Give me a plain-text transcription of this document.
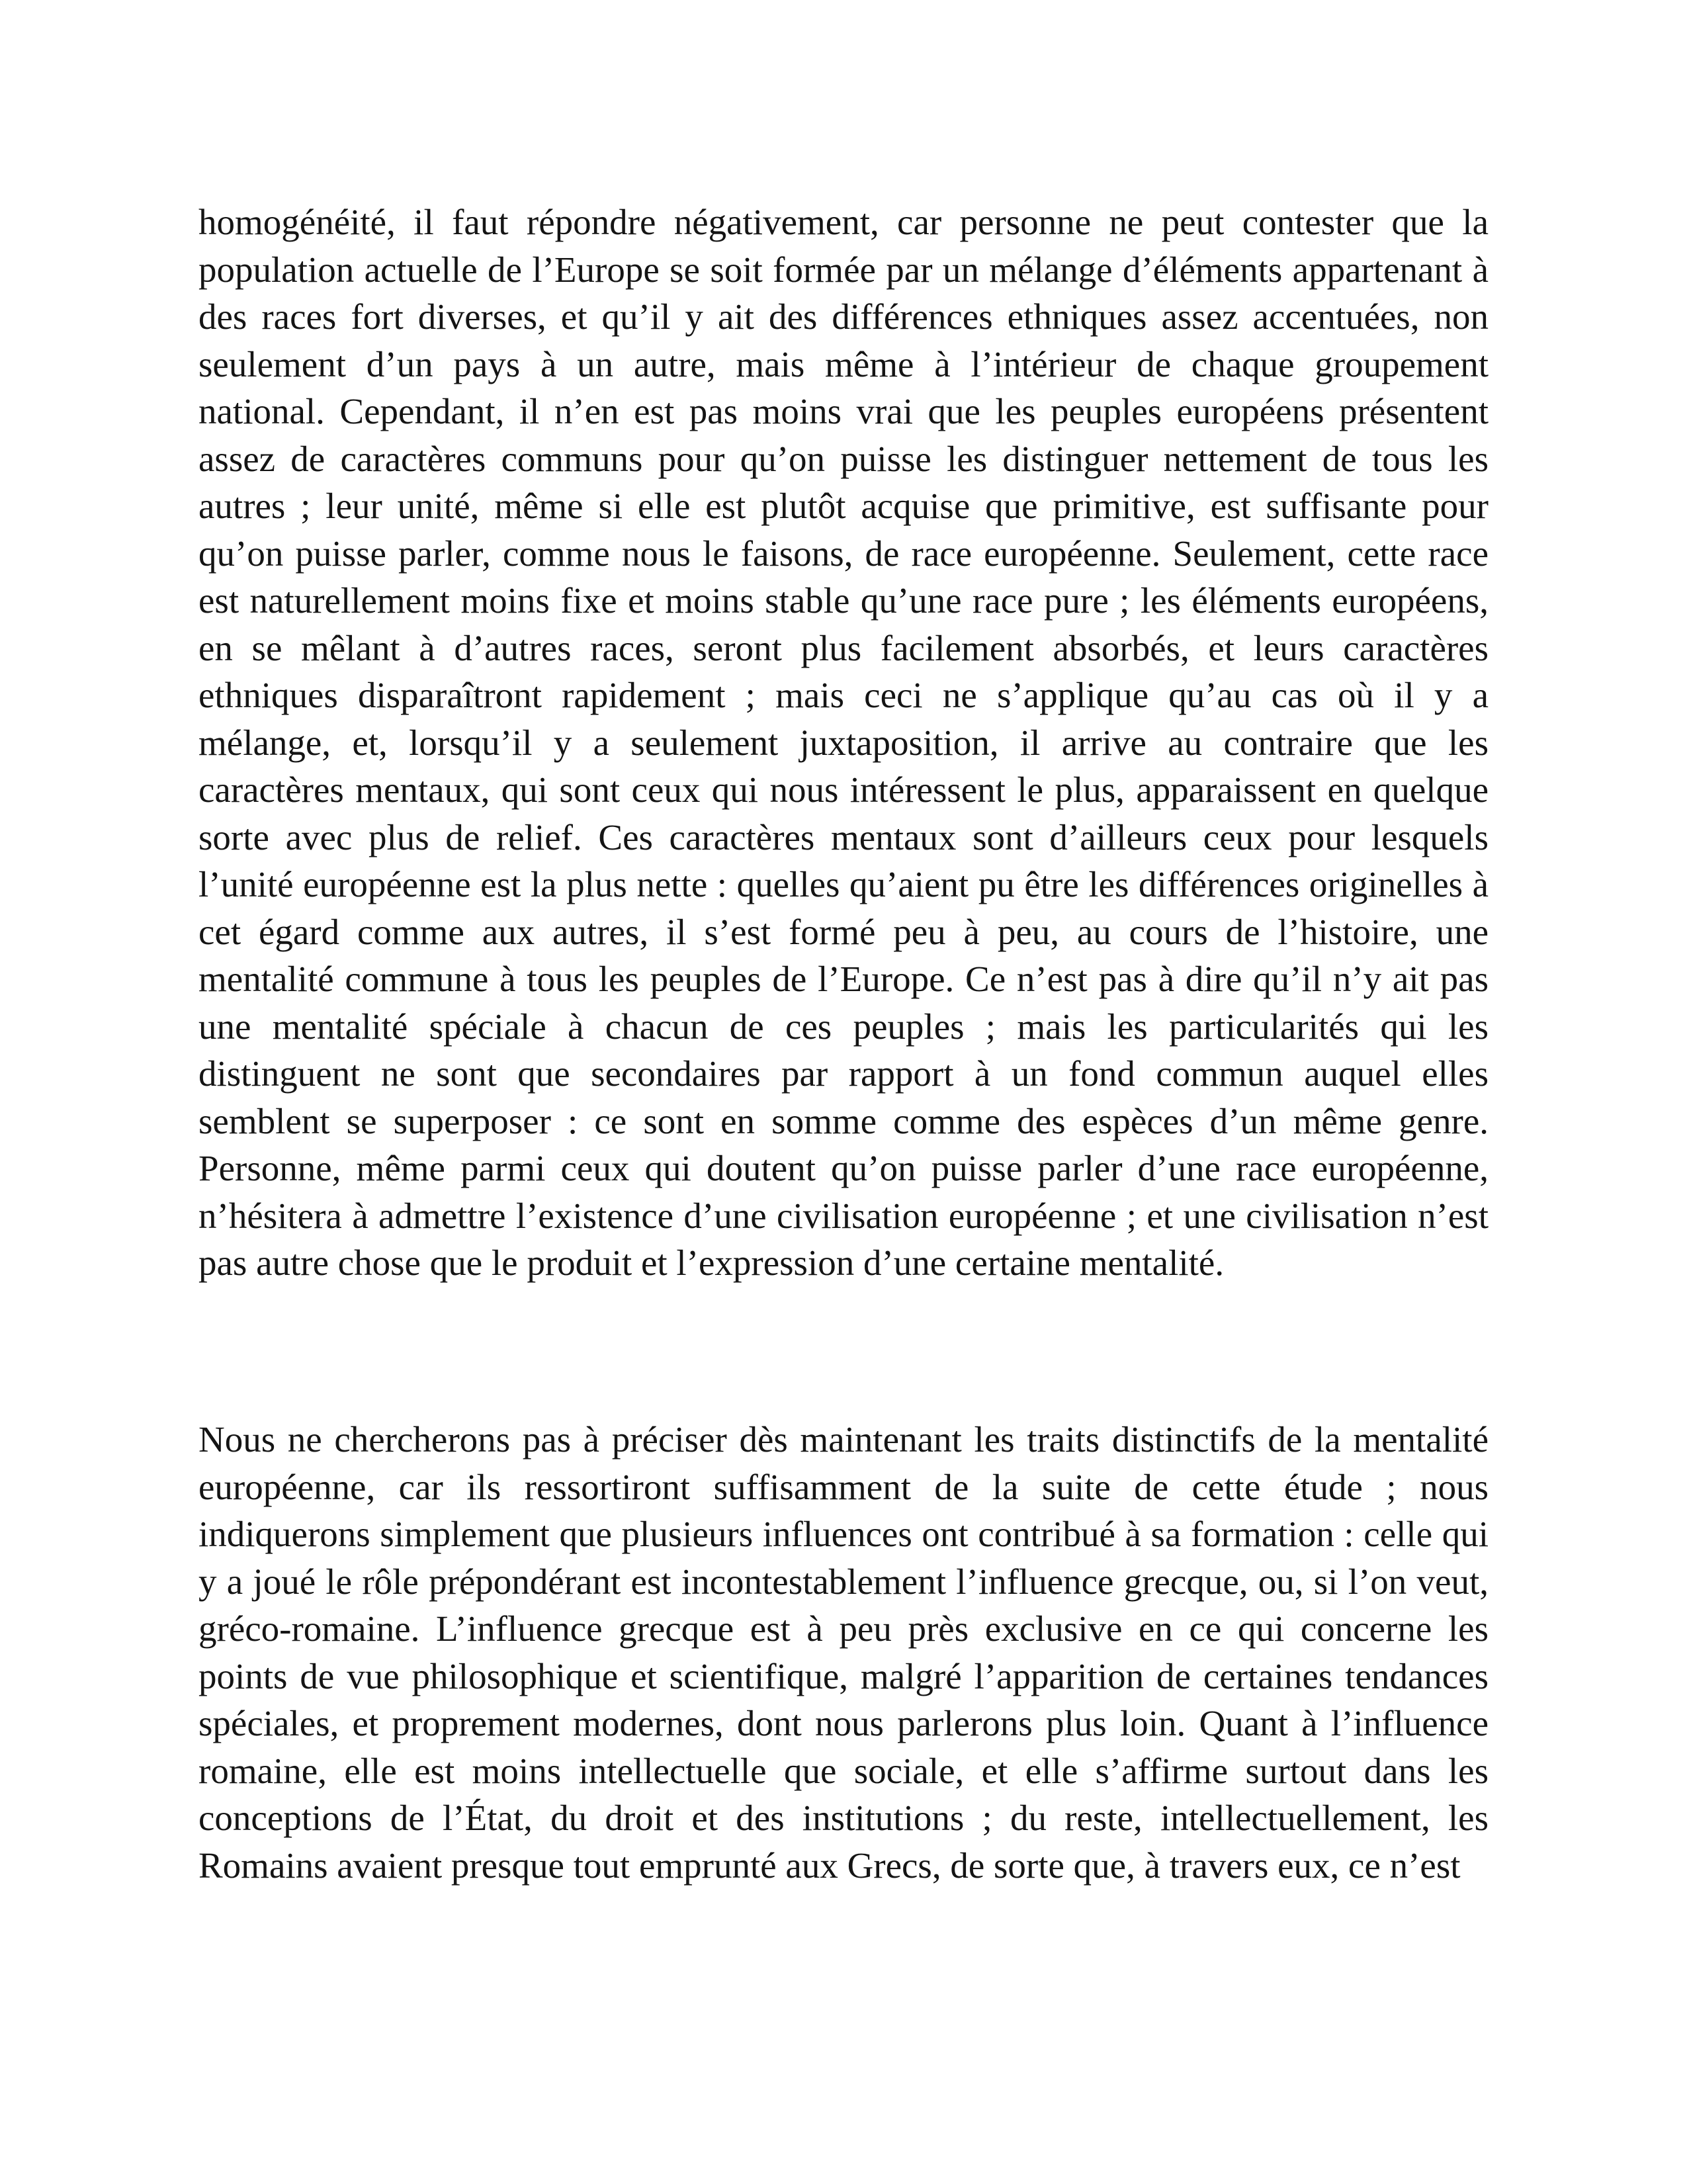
homogénéité, il faut répondre négativement, car personne ne peut contester que la population actuelle de l’Europe se soit formée par un mélange d’éléments appartenant à des races fort diverses, et qu’il y ait des différences ethniques assez accentuées, non seulement d’un pays à un autre, mais même à l’intérieur de chaque groupement national. Cependant, il n’en est pas moins vrai que les peuples européens présentent assez de caractères communs pour qu’on puisse les distinguer nettement de tous les autres ; leur unité, même si elle est plutôt acquise que primitive, est suffisante pour qu’on puisse parler, comme nous le faisons, de race européenne. Seulement, cette race est naturellement moins fixe et moins stable qu’une race pure ; les éléments européens, en se mêlant à d’autres races, seront plus facilement absorbés, et leurs caractères ethniques disparaîtront rapidement ; mais ceci ne s’applique qu’au cas où il y a mélange, et, lorsqu’il y a seulement juxtaposition, il arrive au contraire que les caractères mentaux, qui sont ceux qui nous intéressent le plus, apparaissent en quelque sorte avec plus de relief. Ces caractères mentaux sont d’ailleurs ceux pour lesquels l’unité européenne est la plus nette : quelles qu’aient pu être les différences originelles à cet égard comme aux autres, il s’est formé peu à peu, au cours de l’histoire, une mentalité commune à tous les peuples de l’Europe. Ce n’est pas à dire qu’il n’y ait pas une mentalité spéciale à chacun de ces peuples ; mais les particularités qui les distinguent ne sont que secondaires par rapport à un fond commun auquel elles semblent se superposer : ce sont en somme comme des espèces d’un même genre. Personne, même parmi ceux qui doutent qu’on puisse parler d’une race européenne, n’hésitera à admettre l’existence d’une civilisation européenne ; et une civilisation n’est pas autre chose que le produit et l’expression d’une certaine mentalité.

Nous ne chercherons pas à préciser dès maintenant les traits distinctifs de la mentalité européenne, car ils ressortiront suffisamment de la suite de cette étude ; nous indiquerons simplement que plusieurs influences ont contribué à sa formation : celle qui y a joué le rôle prépondérant est incontestablement l’influence grecque, ou, si l’on veut, gréco-romaine. L’influence grecque est à peu près exclusive en ce qui concerne les points de vue philosophique et scientifique, malgré l’apparition de certaines tendances spéciales, et proprement modernes, dont nous parlerons plus loin. Quant à l’influence romaine, elle est moins intellectuelle que sociale, et elle s’affirme surtout dans les conceptions de l’État, du droit et des institutions ; du reste, intellectuellement, les Romains avaient presque tout emprunté aux Grecs, de sorte que, à travers eux, ce n’est
